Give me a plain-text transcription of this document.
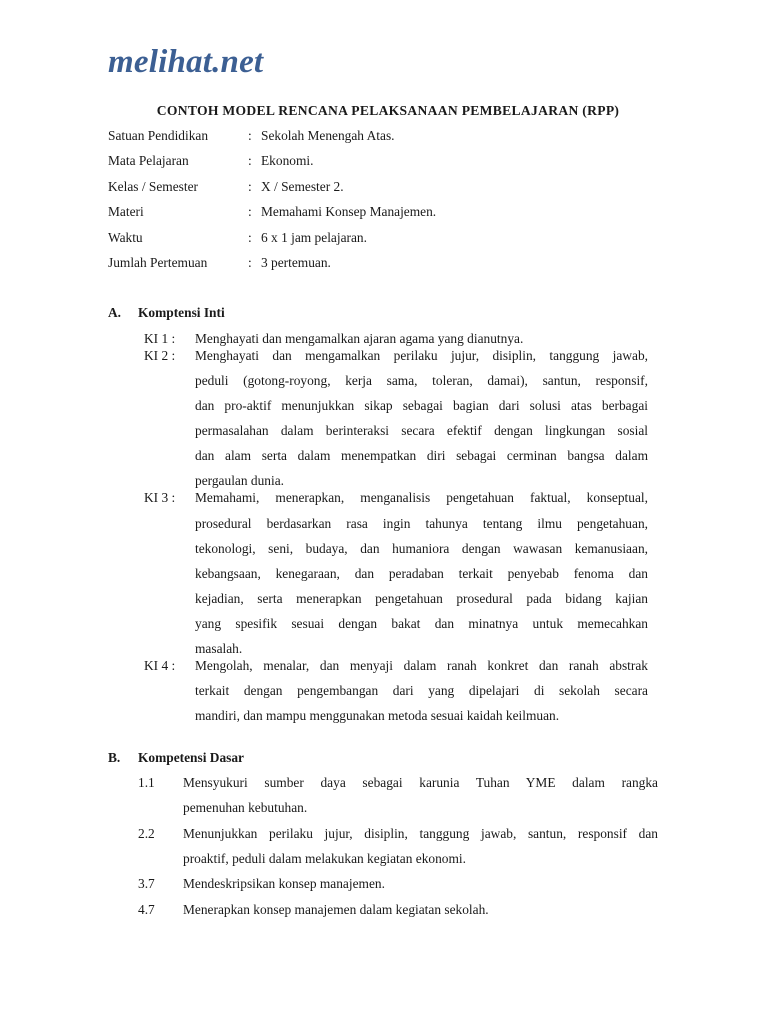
melihat.net
CONTOH MODEL RENCANA PELAKSANAAN PEMBELAJARAN (RPP)
Satuan Pendidikan	: Sekolah Menengah Atas.
Mata Pelajaran	: Ekonomi.
Kelas / Semester	: X / Semester 2.
Materi	: Memahami Konsep Manajemen.
Waktu	: 6 x 1 jam pelajaran.
Jumlah Pertemuan	: 3 pertemuan.
A. Komptensi Inti
KI 1 : Menghayati dan mengamalkan ajaran agama yang dianutnya.
KI 2 : Menghayati dan mengamalkan perilaku jujur, disiplin, tanggung jawab,
peduli (gotong-royong, kerja sama, toleran, damai), santun, responsif,
dan pro-aktif menunjukkan sikap sebagai bagian dari solusi atas berbagai
permasalahan dalam berinteraksi secara efektif dengan lingkungan sosial
dan alam serta dalam menempatkan diri sebagai cerminan bangsa dalam
pergaulan dunia.
KI 3 : Memahami, menerapkan, menganalisis pengetahuan faktual, konseptual,
prosedural berdasarkan rasa ingin tahunya tentang ilmu pengetahuan,
tekonologi, seni, budaya, dan humaniora dengan wawasan kemanusiaan,
kebangsaan, kenegaraan, dan peradaban terkait penyebab fenoma dan
kejadian, serta menerapkan pengetahuan prosedural pada bidang kajian
yang spesifik sesuai dengan bakat dan minatnya untuk memecahkan
masalah.
KI 4 : Mengolah, menalar, dan menyaji dalam ranah konkret dan ranah abstrak
terkait dengan pengembangan dari yang dipelajari di sekolah secara
mandiri, dan mampu menggunakan metoda sesuai kaidah keilmuan.
B. Kompetensi Dasar
1.1 Mensyukuri sumber daya sebagai karunia Tuhan YME dalam rangka
pemenuhan kebutuhan.
2.2 Menunjukkan perilaku jujur, disiplin, tanggung jawab, santun, responsif dan
proaktif, peduli dalam melakukan kegiatan ekonomi.
3.7 Mendeskripsikan konsep manajemen.
4.7 Menerapkan konsep manajemen dalam kegiatan sekolah.
